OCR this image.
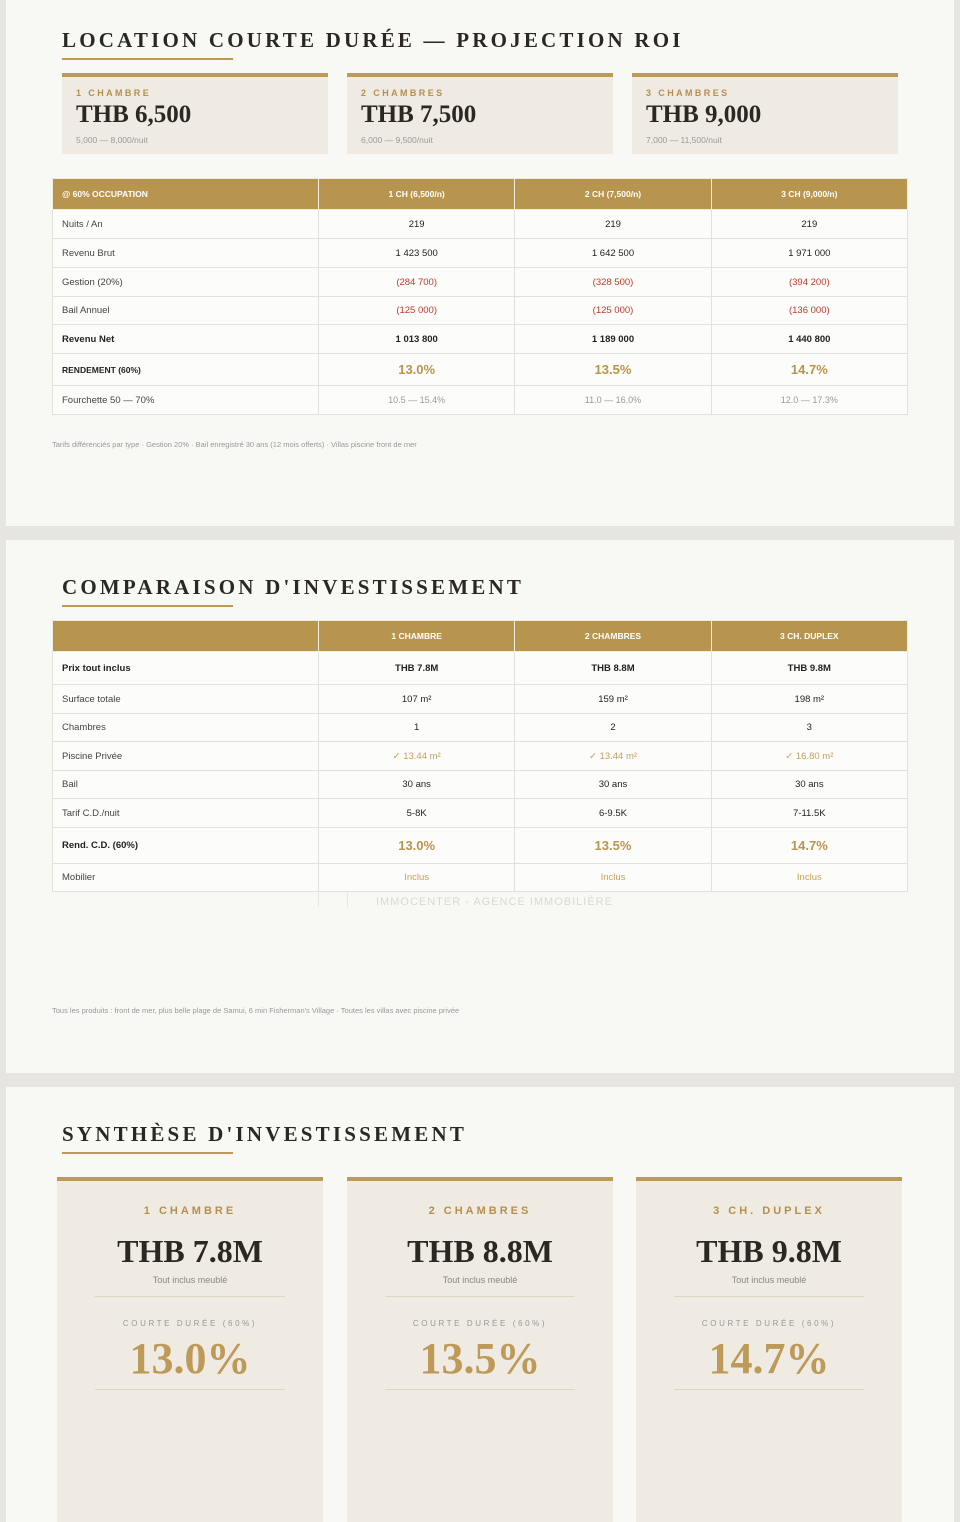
LOCATION COURTE DURÉE — PROJECTION ROI
1 CHAMBRE
THB 6,500
5,000 — 8,000/nuit
2 CHAMBRES
THB 7,500
6,000 — 9,500/nuit
3 CHAMBRES
THB 9,000
7,000 — 11,500/nuit
@ 60% OCCUPATION	1 CH (6,500/n)	2 CH (7,500/n)	3 CH (9,000/n)
Nuits / An	219	219	219
Revenu Brut	1 423 500	1 642 500	1 971 000
Gestion (20%)	(284 700)	(328 500)	(394 200)
Bail Annuel	(125 000)	(125 000)	(136 000)
Revenu Net	1 013 800	1 189 000	1 440 800
RENDEMENT (60%)	13.0%	13.5%	14.7%
Fourchette 50 — 70%	10.5 — 15.4%	11.0 — 16.0%	12.0 — 17.3%
Tarifs différenciés par type · Gestion 20% · Bail enregistré 30 ans (12 mois offerts) · Villas piscine front de mer
COMPARAISON D'INVESTISSEMENT
	1 CHAMBRE	2 CHAMBRES	3 CH. DUPLEX
Prix tout inclus	THB 7.8M	THB 8.8M	THB 9.8M
Surface totale	107 m²	159 m²	198 m²
Chambres	1	2	3
Piscine Privée	✓ 13.44 m²	✓ 13.44 m²	✓ 16.80 m²
Bail	30 ans	30 ans	30 ans
Tarif C.D./nuit	5-8K	6-9.5K	7-11.5K
Rend. C.D. (60%)	13.0%	13.5%	14.7%
Mobilier	Inclus	Inclus	Inclus
IMMOCENTER - AGENCE IMMOBILIÈRE
Tous les produits : front de mer, plus belle plage de Samui, 6 min Fisherman's Village · Toutes les villas avec piscine privée
SYNTHÈSE D'INVESTISSEMENT
1 CHAMBRE
THB 7.8M
Tout inclus meublé
COURTE DURÉE (60%)
13.0%
2 CHAMBRES
THB 8.8M
Tout inclus meublé
COURTE DURÉE (60%)
13.5%
3 CH. DUPLEX
THB 9.8M
Tout inclus meublé
COURTE DURÉE (60%)
14.7%
